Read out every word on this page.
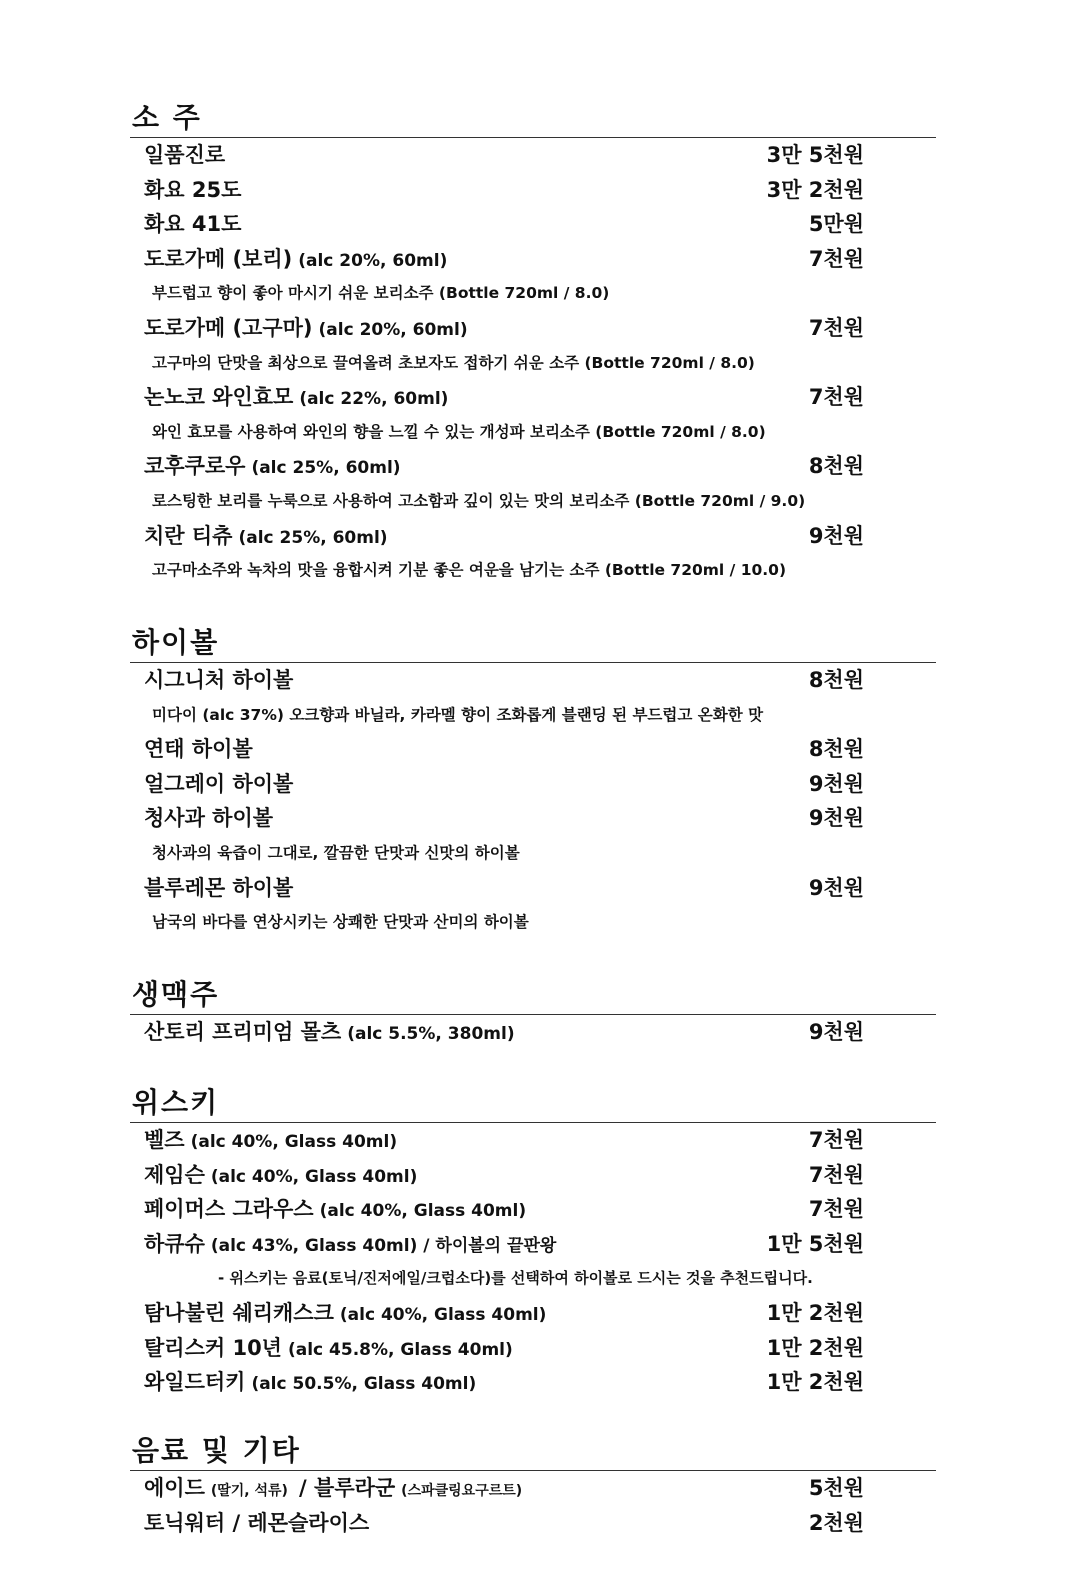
소 주
일품진로	3만 5천원
화요 25도	3만 2천원
화요 41도	5만원
도로가메 (보리) (alc 20%, 60ml)	7천원
부드럽고 향이 좋아 마시기 쉬운 보리소주 (Bottle 720ml / 8.0)
도로가메 (고구마) (alc 20%, 60ml)	7천원
고구마의 단맛을 최상으로 끌여올려 초보자도 접하기 쉬운 소주 (Bottle 720ml / 8.0)
논노코 와인효모 (alc 22%, 60ml)	7천원
와인 효모를 사용하여 와인의 향을 느낄 수 있는 개성파 보리소주 (Bottle 720ml / 8.0)
코후쿠로우 (alc 25%, 60ml)	8천원
로스팅한 보리를 누룩으로 사용하여 고소함과 깊이 있는 맛의 보리소주 (Bottle 720ml / 9.0)
치란 티츄 (alc 25%, 60ml)	9천원
고구마소주와 녹차의 맛을 융합시켜 기분 좋은 여운을 남기는 소주 (Bottle 720ml / 10.0)
하이볼
시그니처 하이볼	8천원
미다이 (alc 37%) 오크향과 바닐라, 카라멜 향이 조화롭게 블랜딩 된 부드럽고 온화한 맛
연태 하이볼	8천원
얼그레이 하이볼	9천원
청사과 하이볼	9천원
청사과의 육즙이 그대로, 깔끔한 단맛과 신맛의 하이볼
블루레몬 하이볼	9천원
남국의 바다를 연상시키는 상쾌한 단맛과 산미의 하이볼
생맥주
산토리 프리미엄 몰츠 (alc 5.5%, 380ml)	9천원
위스키
벨즈 (alc 40%, Glass 40ml)	7천원
제임슨 (alc 40%, Glass 40ml)	7천원
페이머스 그라우스 (alc 40%, Glass 40ml)	7천원
하큐슈 (alc 43%, Glass 40ml) / 하이볼의 끝판왕	1만 5천원
- 위스키는 음료(토닉/진저에일/크럽소다)를 선택하여 하이볼로 드시는 것을 추천드립니다.
탐나불린 쉐리캐스크 (alc 40%, Glass 40ml)	1만 2천원
탈리스커 10년 (alc 45.8%, Glass 40ml)	1만 2천원
와일드터키 (alc 50.5%, Glass 40ml)	1만 2천원
음료 및 기타
에이드 (딸기, 석류) / 블루라군 (스파클링요구르트)	5천원
토닉워터 / 레몬슬라이스	2천원
